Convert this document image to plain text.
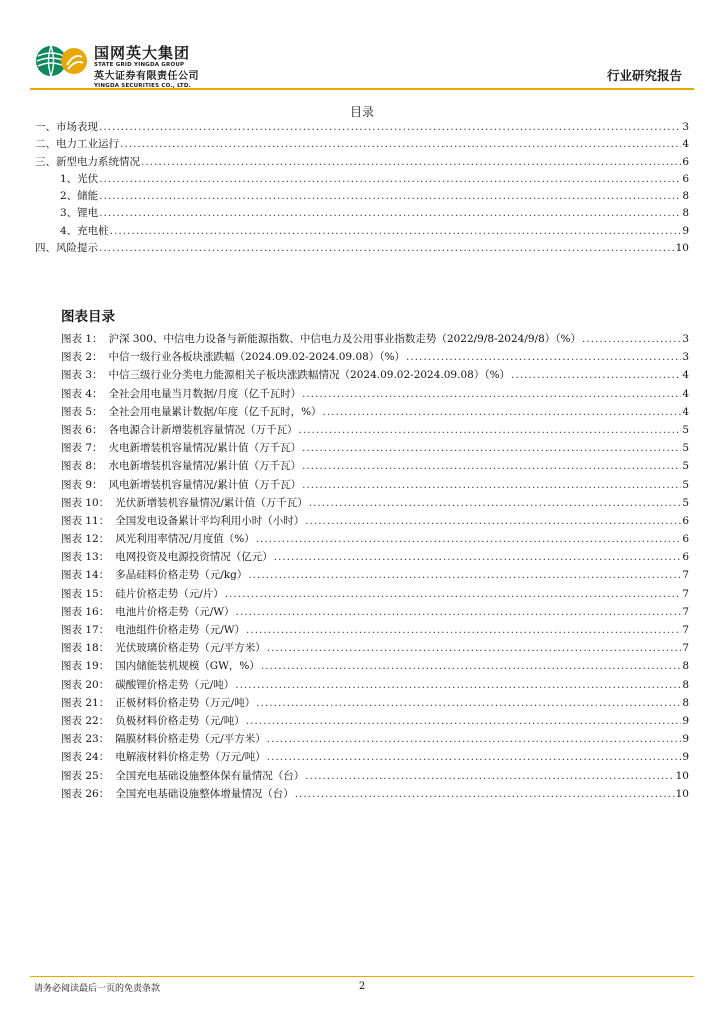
国网英大集团
STATE GRID YINGDA GROUP
英大证券有限责任公司
YINGDA SECURITIES CO., LTD.
行业研究报告
目录
一、市场表现 .....	3
二、电力工业运行 .....	4
三、新型电力系统情况 .....	6
1、光伏 .....	6
2、储能 .....	8
3、锂电 .....	8
4、充电桩 .....	9
四、风险提示 .....	10
图表目录
图表 1： 沪深 300、中信电力设备与新能源指数、中信电力及公用事业指数走势（2022/9/8-2024/9/8）（%） .....	3
图表 2： 中信一级行业各板块涨跌幅（2024.09.02-2024.09.08）（%） .....	3
图表 3： 中信三级行业分类电力能源相关子板块涨跌幅情况（2024.09.02-2024.09.08）（%） .....	4
图表 4： 全社会用电量当月数据/月度（亿千瓦时） .....	4
图表 5： 全社会用电量累计数据/年度（亿千瓦时，%） .....	4
图表 6： 各电源合计新增装机容量情况（万千瓦） .....	5
图表 7： 火电新增装机容量情况/累计值（万千瓦） .....	5
图表 8： 水电新增装机容量情况/累计值（万千瓦） .....	5
图表 9： 风电新增装机容量情况/累计值（万千瓦） .....	5
图表 10： 光伏新增装机容量情况/累计值（万千瓦） .....	5
图表 11： 全国发电设备累计平均利用小时（小时） .....	6
图表 12： 风光利用率情况/月度值（%） .....	6
图表 13： 电网投资及电源投资情况（亿元） .....	6
图表 14： 多晶硅料价格走势（元/kg） .....	7
图表 15： 硅片价格走势（元/片） .....	7
图表 16： 电池片价格走势（元/W） .....	7
图表 17： 电池组件价格走势（元/W） .....	7
图表 18： 光伏玻璃价格走势（元/平方米） .....	7
图表 19： 国内储能装机规模（GW，%） .....	8
图表 20： 碳酸锂价格走势（元/吨） .....	8
图表 21： 正极材料价格走势（万元/吨） .....	8
图表 22： 负极材料价格走势（元/吨） .....	9
图表 23： 隔膜材料价格走势（元/平方米） .....	9
图表 24： 电解液材料价格走势（万元/吨） .....	9
图表 25： 全国充电基础设施整体保有量情况（台） .....	10
图表 26： 全国充电基础设施整体增量情况（台） .....	10
请务必阅读最后一页的免责条款	2
